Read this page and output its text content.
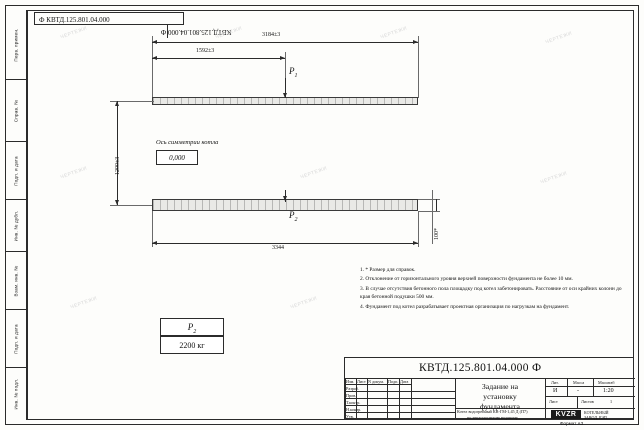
Перв. примен.
Справ. №
Подп. и дата
Инв. № дубл.
Взам. инв. №
Подп. и дата
Инв. № подл.
Ф КВТД.125.801.04.000
КВТД.125.801.04.000 Ф	3184±3
1592±3
$P_1$
1200±3
Ось симметрии котла
0,000
$P_2$
100*
3344
$P_2$
2200 кг

1. * Размер для справок.

2. Отклонение от горизонтального уровня верхней поверхности фундамента не более 10 мм.

3. В случае отсутствия бетонного пола площадку под котел забетонировать. Расстояние от оси крайних колонн до края бетонной подушки 500 мм.

4. Фундамент под котел разрабатывает проектная организация по нагрузкам на фундамент.

КВТД.125.801.04.000 Ф
Изм. Лист N докум. Подп. Дата
Разраб.
Пров.
Т.контр.
Н.контр.
Утв.
Задание на
установку
фундамента
Лит.	Масса	Масштаб
И	-	1:20
Лист	Листов	1
Котел водогрейный КВ-ГМ-1,45 Д (П7)
по теплоносителю водяному	KVZR	КОТЕЛЬНЫЙ
ЗАВОД, РЭП
Формат A3
ЧЕРТЕЖИ	ЧЕРТЕЖИ	ЧЕРТЕЖИ	ЧЕРТЕЖИ
ЧЕРТЕЖИ	ЧЕРТЕЖИ	ЧЕРТЕЖИ
ЧЕРТЕЖИ	ЧЕРТЕЖИ
